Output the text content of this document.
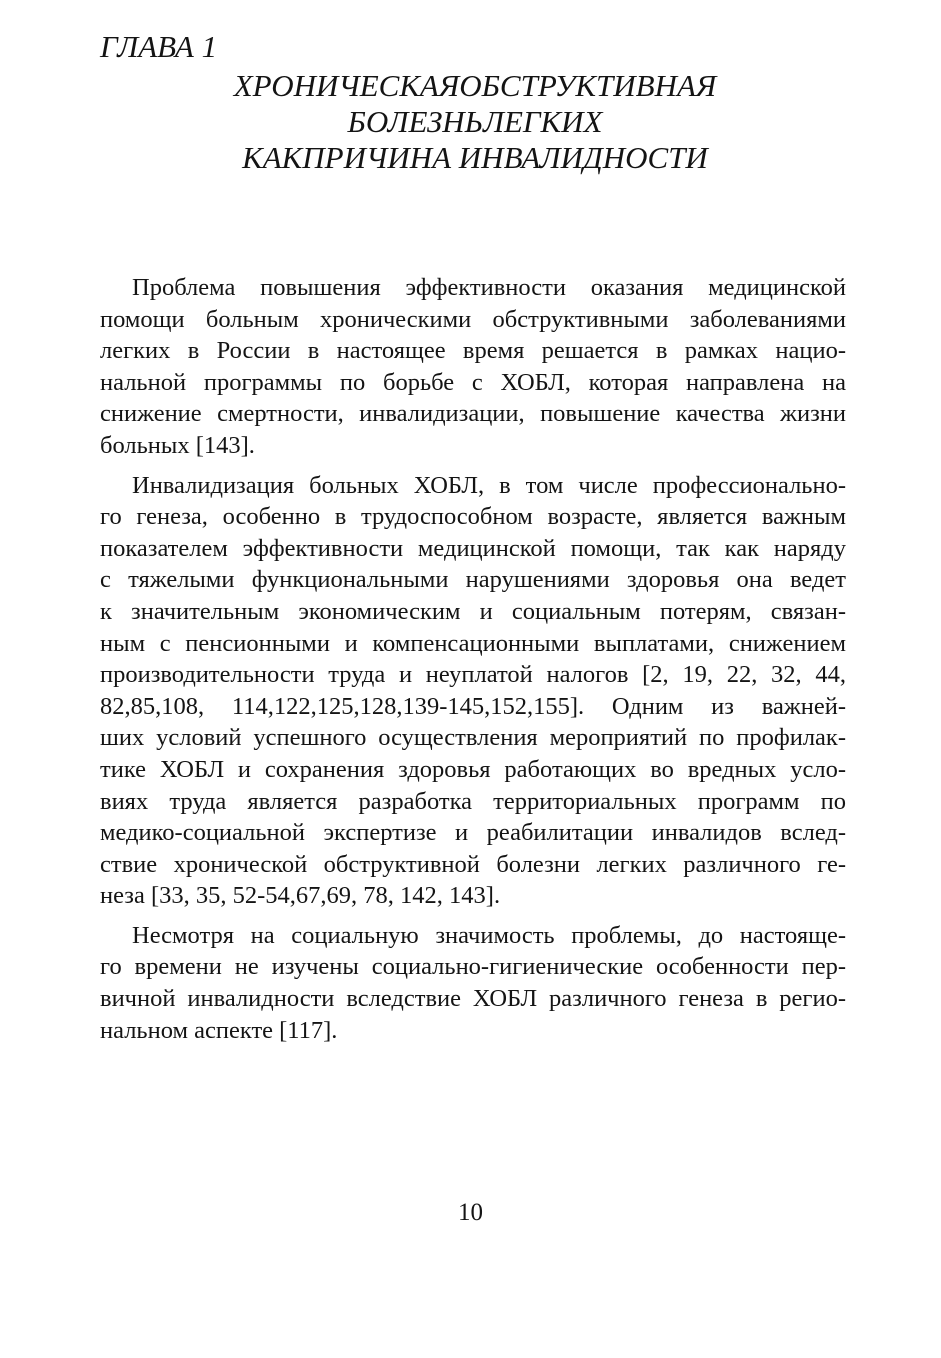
ГЛАВА 1
ХРОНИЧЕСКАЯОБСТРУКТИВНАЯ
БОЛЕЗНЬЛЕГКИХ
КАКПРИЧИНА ИНВАЛИДНОСТИ

Проблема повышения эффективности оказания медицинской
помощи больным хроническими обструктивными заболеваниями
легких в России в настоящее время решается в рамках нацио-
нальной программы по борьбе с ХОБЛ, которая направлена на
снижение смертности, инвалидизации, повышение качества жизни
больных [143].

Инвалидизация больных ХОБЛ, в том числе профессионально-
го генеза, особенно в трудоспособном возрасте, является важным
показателем эффективности медицинской помощи, так как наряду
с тяжелыми функциональными нарушениями здоровья она ведет
к значительным экономическим и социальным потерям, связан-
ным с пенсионными и компенсационными выплатами, снижением
производительности труда и неуплатой налогов [2, 19, 22, 32, 44,
82,85,108, 114,122,125,128,139-145,152,155]. Одним из важней-
ших условий успешного осуществления мероприятий по профилак-
тике ХОБЛ и сохранения здоровья работающих во вредных усло-
виях труда является разработка территориальных программ по
медико-социальной экспертизе и реабилитации инвалидов вслед-
ствие хронической обструктивной болезни легких различного ге-
неза [33, 35, 52-54,67,69, 78, 142, 143].

Несмотря на социальную значимость проблемы, до настояще-
го времени не изучены социально-гигиенические особенности пер-
вичной инвалидности вследствие ХОБЛ различного генеза в регио-
нальном аспекте [117].

10
